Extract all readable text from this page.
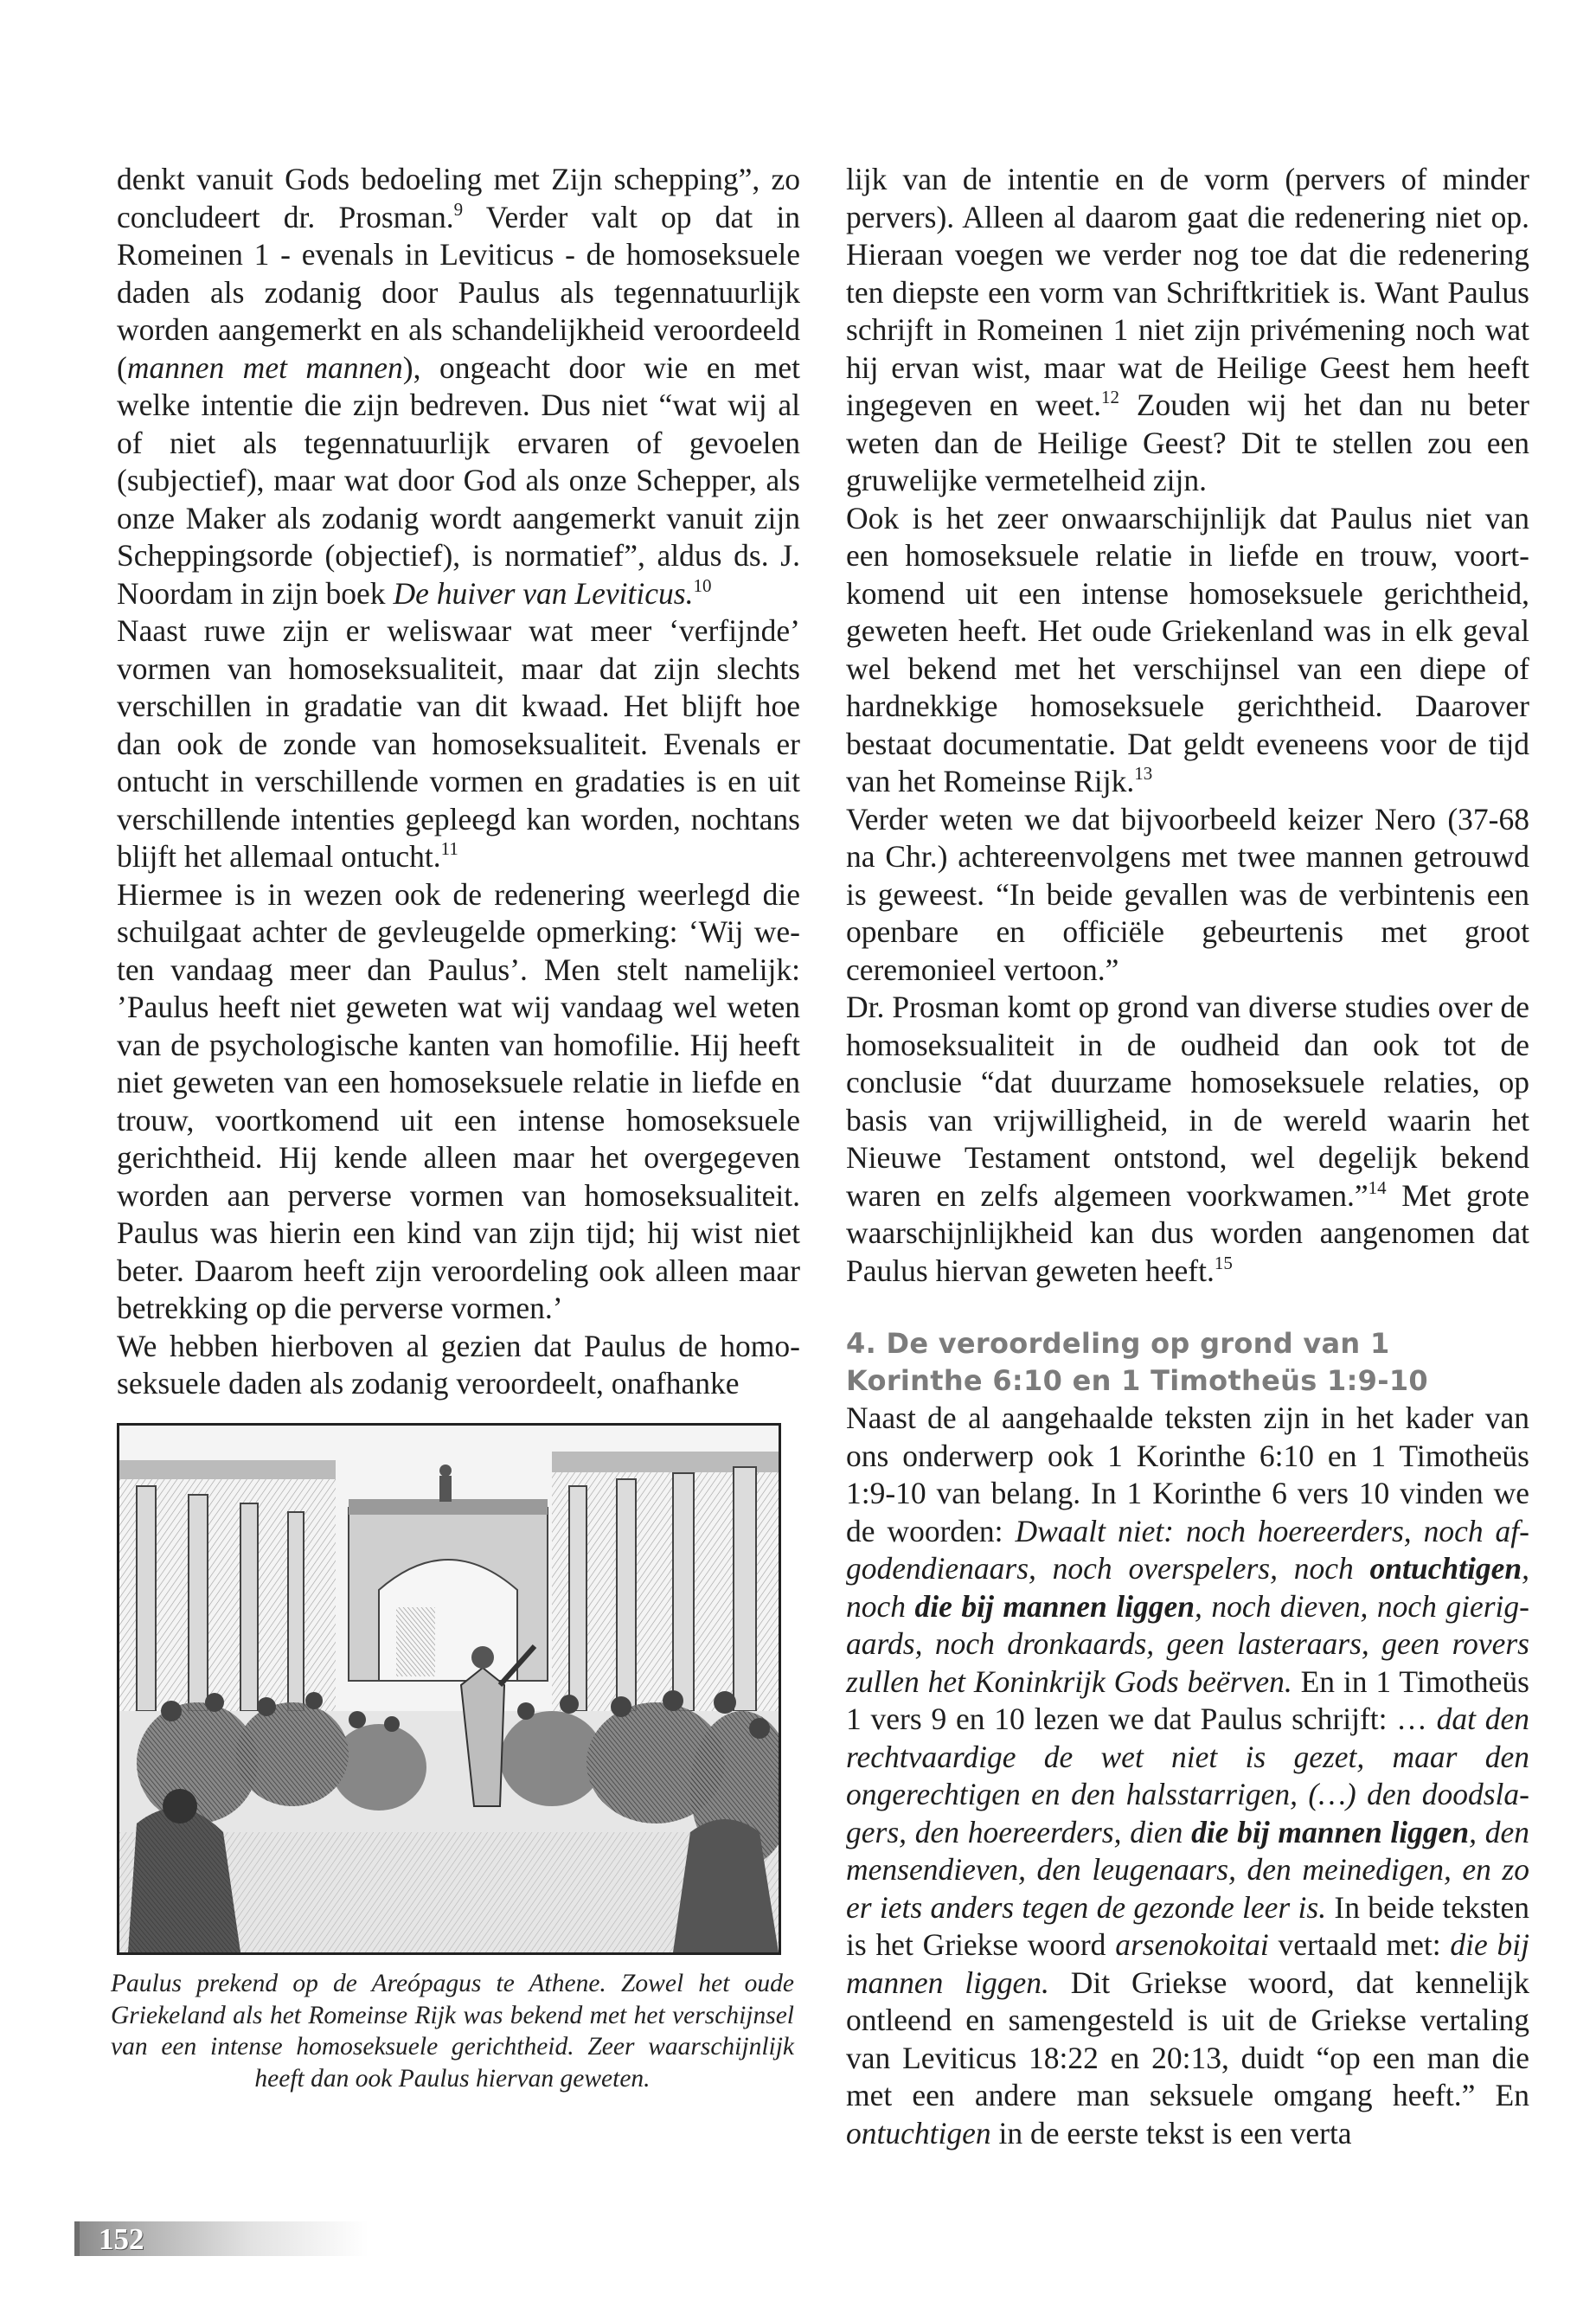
denkt vanuit Gods bedoeling met Zijn schepping”, zo concludeert dr. Prosman.$^9$ Verder valt op dat in Romeinen 1 - evenals in Leviticus - de homoseksuele daden als zodanig door Paulus als tegennatuurlijk worden aangemerkt en als schandelijkheid veroordeeld (mannen met mannen), ongeacht door wie en met welke intentie die zijn bedreven. Dus niet “wat wij al of niet als tegennatuurlijk ervaren of gevoelen (subjectief), maar wat door God als onze Schepper, als onze Maker als zodanig wordt aangemerkt vanuit zijn Scheppingsorde (objectief), is normatief”, aldus ds. J. Noordam in zijn boek De huiver van Leviticus.$^{10}$

Naast ruwe zijn er weliswaar wat meer ‘verfijnde’ vormen van homoseksualiteit, maar dat zijn slechts verschillen in gradatie van dit kwaad. Het blijft hoe dan ook de zonde van homoseksualiteit. Evenals er ontucht in verschillende vormen en gradaties is en uit verschillende intenties gepleegd kan worden, nochtans blijft het allemaal ontucht.$^{11}$

Hiermee is in wezen ook de redenering weerlegd die schuilgaat achter de gevleugelde opmerking: ‘Wij weten vandaag meer dan Paulus’. Men stelt namelijk: ’Paulus heeft niet geweten wat wij vandaag wel weten van de psychologische kanten van homofilie. Hij heeft niet geweten van een homoseksuele relatie in liefde en trouw, voortkomend uit een intense homoseksuele gerichtheid. Hij kende alleen maar het overgegeven worden aan perverse vormen van homoseksualiteit. Paulus was hierin een kind van zijn tijd; hij wist niet beter. Daarom heeft zijn veroordeling ook alleen maar betrekking op die perverse vormen.’

We hebben hierboven al gezien dat Paulus de homoseksuele daden als zodanig veroordeelt, onafhanke

Paulus prekend op de Areópagus te Athene. Zowel het oude Griekeland als het Romeinse Rijk was bekend met het verschijnsel van een intense homoseksuele gerichtheid. Zeer waarschijnlijk heeft dan ook Paulus hiervan geweten.

lijk van de intentie en de vorm (pervers of minder pervers). Alleen al daarom gaat die redenering niet op. Hieraan voegen we verder nog toe dat die redenering ten diepste een vorm van Schriftkritiek is. Want Paulus schrijft in Romeinen 1 niet zijn privémening noch wat hij ervan wist, maar wat de Heilige Geest hem heeft ingegeven en weet.$^{12}$ Zouden wij het dan nu beter weten dan de Heilige Geest? Dit te stellen zou een gruwelijke vermetelheid zijn.

Ook is het zeer onwaarschijnlijk dat Paulus niet van een homoseksuele relatie in liefde en trouw, voortkomend uit een intense homoseksuele gerichtheid, geweten heeft. Het oude Griekenland was in elk geval wel bekend met het verschijnsel van een diepe of hardnekkige homoseksuele gerichtheid. Daarover bestaat documentatie. Dat geldt eveneens voor de tijd van het Romeinse Rijk.$^{13}$

Verder weten we dat bijvoorbeeld keizer Nero (37-68 na Chr.) achtereenvolgens met twee mannen getrouwd is geweest. “In beide gevallen was de verbintenis een openbare en officiële gebeurtenis met groot ceremonieel vertoon.”

Dr. Prosman komt op grond van diverse studies over de homoseksualiteit in de oudheid dan ook tot de conclusie “dat duurzame homoseksuele relaties, op basis van vrijwilligheid, in de wereld waarin het Nieuwe Testament ontstond, wel degelijk bekend waren en zelfs algemeen voorkwamen.”$^{14}$ Met grote waarschijnlijkheid kan dus worden aangenomen dat Paulus hiervan geweten heeft.$^{15}$

4. De veroordeling op grond van 1 Korinthe 6:10 en 1 Timotheüs 1:9-10

Naast de al aangehaalde teksten zijn in het kader van ons onderwerp ook 1 Korinthe 6:10 en 1 Timotheüs 1:9-10 van belang. In 1 Korinthe 6 vers 10 vinden we de woorden: Dwaalt niet: noch hoereerders, noch afgodendienaars, noch overspelers, noch ontuchtigen, noch die bij mannen liggen, noch dieven, noch gierigaards, noch dronkaards, geen lasteraars, geen rovers zullen het Koninkrijk Gods beërven. En in 1 Timotheüs 1 vers 9 en 10 lezen we dat Paulus schrijft: … dat den rechtvaardige de wet niet is gezet, maar den ongerechtigen en den halsstarrigen, (…) den doodslagers, den hoereerders, dien die bij mannen liggen, den mensendieven, den leugenaars, den meinedigen, en zo er iets anders tegen de gezonde leer is. In beide teksten is het Griekse woord arsenokoitai vertaald met: die bij mannen liggen. Dit Griekse woord, dat kennelijk ontleend en samengesteld is uit de Griekse vertaling van Leviticus 18:22 en 20:13, duidt “op een man die met een andere man seksuele omgang heeft.” En ontuchtigen in de eerste tekst is een verta

152
